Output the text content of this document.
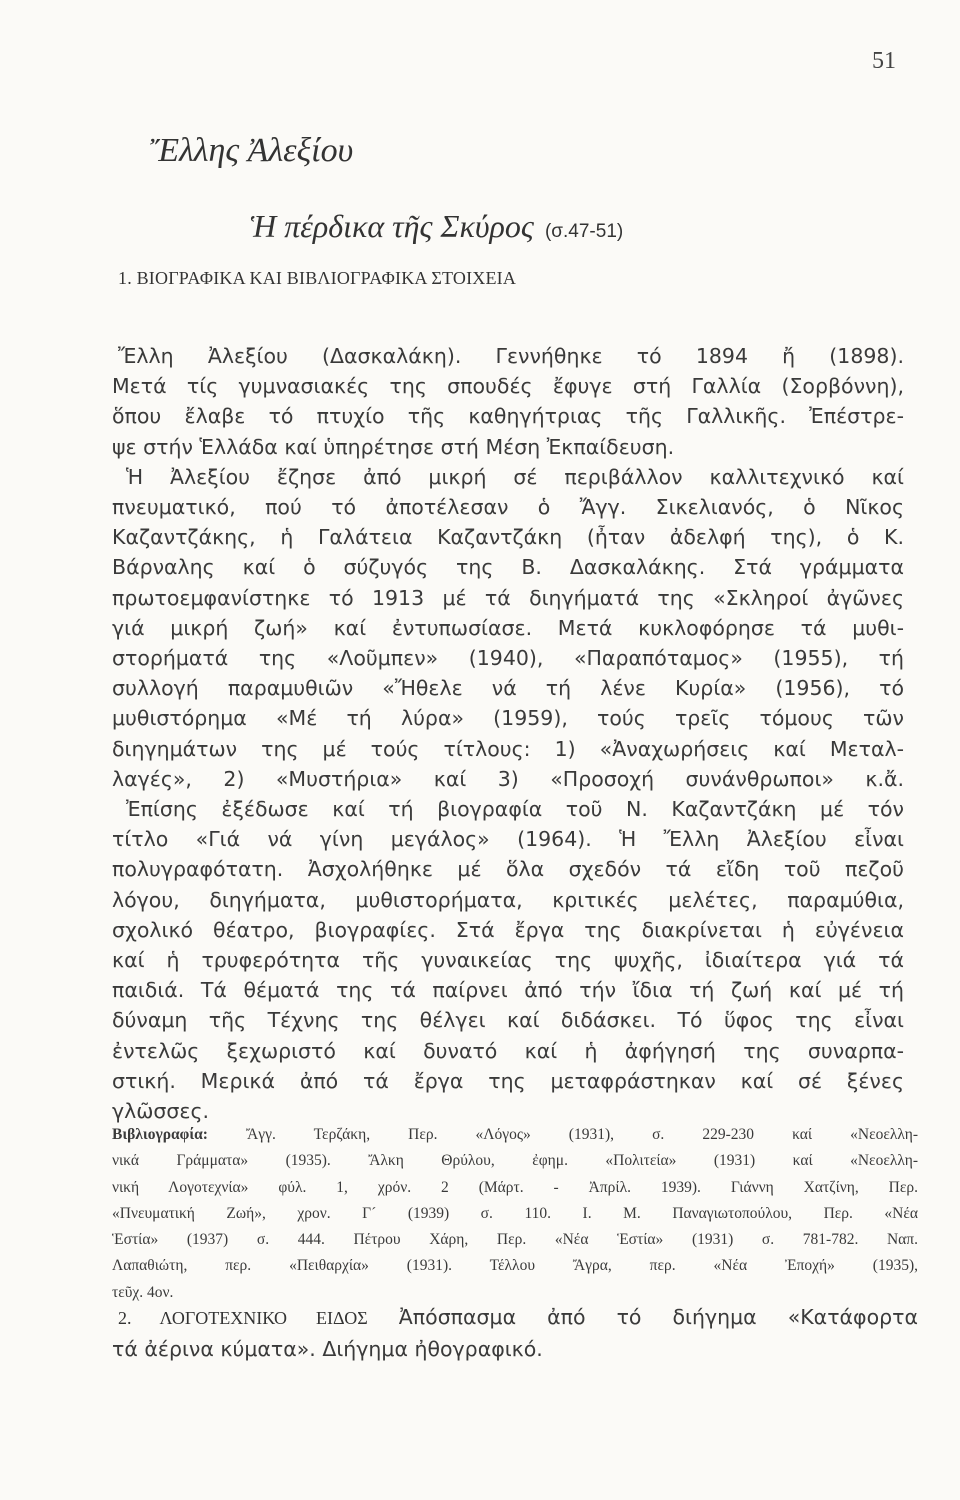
51
Ἔλλης Ἀλεξίου
Ἡ πέρδικα τῆς Σκύρος (σ.47-51)
1. ΒΙΟΓΡΑΦΙΚΑ ΚΑΙ ΒΙΒΛΙΟΓΡΑΦΙΚΑ ΣΤΟΙΧΕΙΑ
Ἔλλη Ἀλεξίου (Δασκαλάκη). Γεννήθηκε τό 1894 ἤ (1898).
Μετά τίς γυμνασιακές της σπουδές ἔφυγε στή Γαλλία (Σορβόννη),
ὅπου ἔλαβε τό πτυχίο τῆς καθηγήτριας τῆς Γαλλικῆς. Ἐπέστρε-
ψε στήν Ἑλλάδα καί ὑπηρέτησε στή Μέση Ἐκπαίδευση.
Ἡ Ἀλεξίου ἔζησε ἀπό μικρή σέ περιβάλλον καλλιτεχνικό καί
πνευματικό, πού τό ἀποτέλεσαν ὁ Ἄγγ. Σικελιανός, ὁ Νῖκος
Καζαντζάκης, ἡ Γαλάτεια Καζαντζάκη (ἦταν ἀδελφή της), ὁ Κ.
Βάρναλης καί ὁ σύζυγός της Β. Δασκαλάκης. Στά γράμματα
πρωτοεμφανίστηκε τό 1913 μέ τά διηγήματά της «Σκληροί ἀγῶνες
γιά μικρή ζωή» καί ἐντυπωσίασε. Μετά κυκλοφόρησε τά μυθι-
στορήματά της «Λοῦμπεν» (1940), «Παραπόταμος» (1955), τή
συλλογή παραμυθιῶν «Ἤθελε νά τή λένε Κυρία» (1956), τό
μυθιστόρημα «Μέ τή λύρα» (1959), τούς τρεῖς τόμους τῶν
διηγημάτων της μέ τούς τίτλους: 1) «Ἀναχωρήσεις καί Μεταλ-
λαγές», 2) «Μυστήρια» καί 3) «Προσοχή συνάνθρωποι» κ.ἄ.
Ἐπίσης ἐξέδωσε καί τή βιογραφία τοῦ Ν. Καζαντζάκη μέ τόν
τίτλο «Γιά νά γίνη μεγάλος» (1964). Ἡ Ἔλλη Ἀλεξίου εἶναι
πολυγραφότατη. Ἀσχολήθηκε μέ ὅλα σχεδόν τά εἴδη τοῦ πεζοῦ
λόγου, διηγήματα, μυθιστορήματα, κριτικές μελέτες, παραμύθια,
σχολικό θέατρο, βιογραφίες. Στά ἔργα της διακρίνεται ἡ εὐγένεια
καί ἡ τρυφερότητα τῆς γυναικείας της ψυχῆς, ἰδιαίτερα γιά τά
παιδιά. Τά θέματά της τά παίρνει ἀπό τήν ἴδια τή ζωή καί μέ τή
δύναμη τῆς Τέχνης της θέλγει καί διδάσκει. Τό ὕφος της εἶναι
ἐντελῶς ξεχωριστό καί δυνατό καί ἡ ἀφήγησή της συναρπα-
στική. Μερικά ἀπό τά ἔργα της μεταφράστηκαν καί σέ ξένες
γλῶσσες.
Βιβλιογραφία: Ἄγγ. Τερζάκη, Περ. «Λόγος» (1931), σ. 229-230 καί «Νεοελλη-
νικά Γράμματα» (1935). Ἄλκη Θρύλου, ἐφημ. «Πολιτεία» (1931) καί «Νεοελλη-
νική Λογοτεχνία» φύλ. 1, χρόν. 2 (Μάρτ. - Ἀπρίλ. 1939). Γιάννη Χατζίνη, Περ.
«Πνευματική Ζωή», χρον. Γ´ (1939) σ. 110. Ι. Μ. Παναγιωτοπούλου, Περ. «Νέα
Ἑστία» (1937) σ. 444. Πέτρου Χάρη, Περ. «Νέα Ἑστία» (1931) σ. 781-782. Ναπ.
Λαπαθιώτη, περ. «Πειθαρχία» (1931). Τέλλου Ἄγρα, περ. «Νέα Ἐποχή» (1935),
τεῦχ. 4ον.
2. ΛΟΓΟΤΕΧΝΙΚΟ ΕΙΔΟΣ Ἀπόσπασμα ἀπό τό διήγημα «Κατάφορτα
τά ἀέρινα κύματα». Διήγημα ἠθογραφικό.
